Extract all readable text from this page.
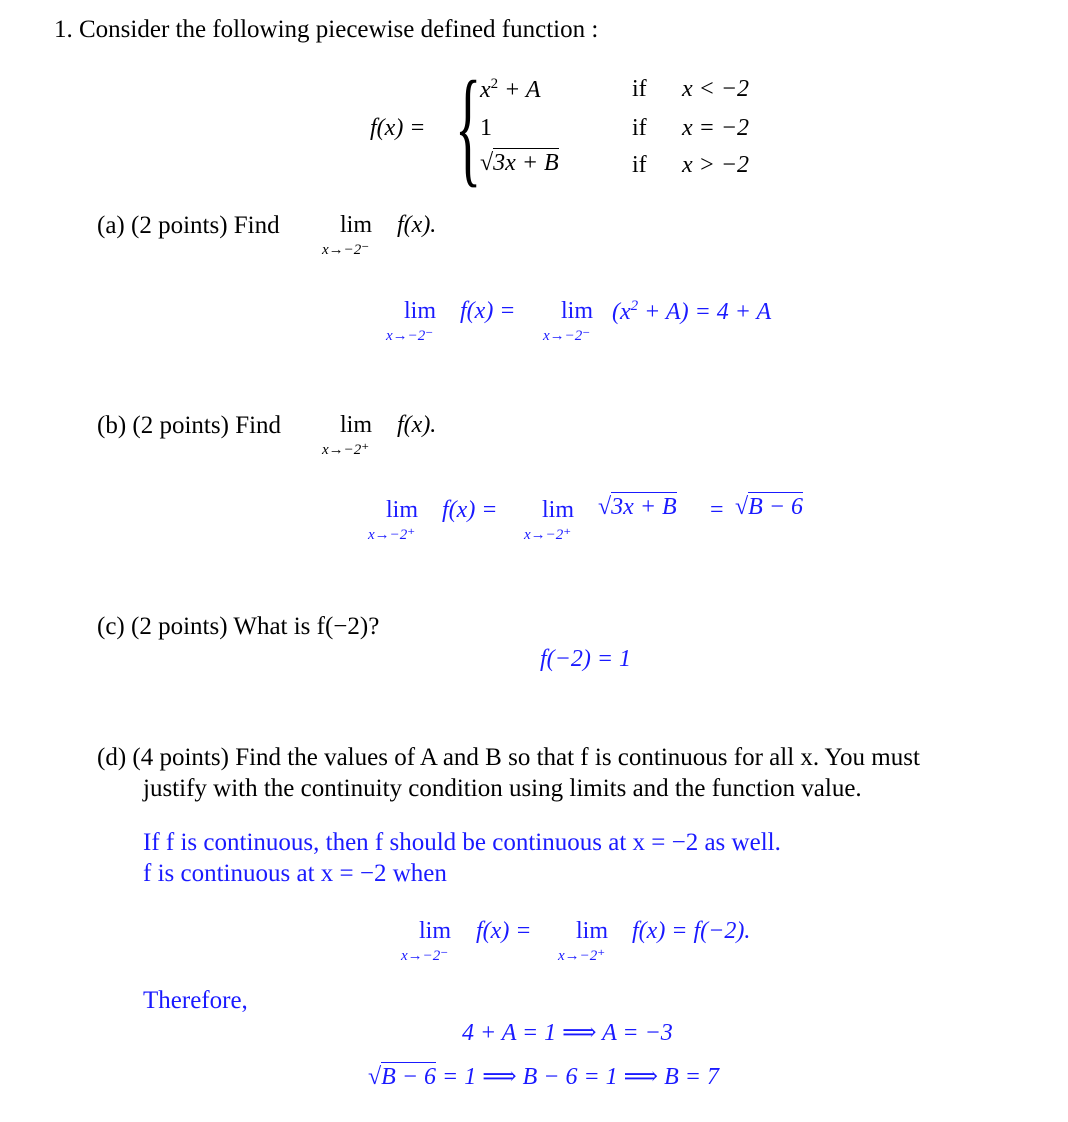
1. Consider the following piecewise defined function :
f(x) = {
$x^2 + A$	if x < −2
1	if x = −2
√3x + B	if x > −2
(a) (2 points) Find	lim
x→−2⁻
f(x).
lim
x→−2⁻
f(x) = lim
x→−2⁻
$(x^2 + A) = 4 + A$
(b) (2 points) Find lim
x→−2⁺
f(x).
lim
x→−2⁺
f(x) = lim
x→−2⁺
√3x + B = √B − 6
(c) (2 points) What is f(−2)?
f(−2) = 1
(d) (4 points) Find the values of A and B so that f is continuous for all x. You must
justify with the continuity condition using limits and the function value.
If f is continuous, then f should be continuous at x = −2 as well.
f is continuous at x = −2 when
lim
x→−2⁻
f(x) = lim
x→−2⁺
f(x) = f(−2).
Therefore,
4 + A = 1 ⟹ A = −3
√B − 6 = 1 ⟹ B − 6 = 1 ⟹ B = 7
